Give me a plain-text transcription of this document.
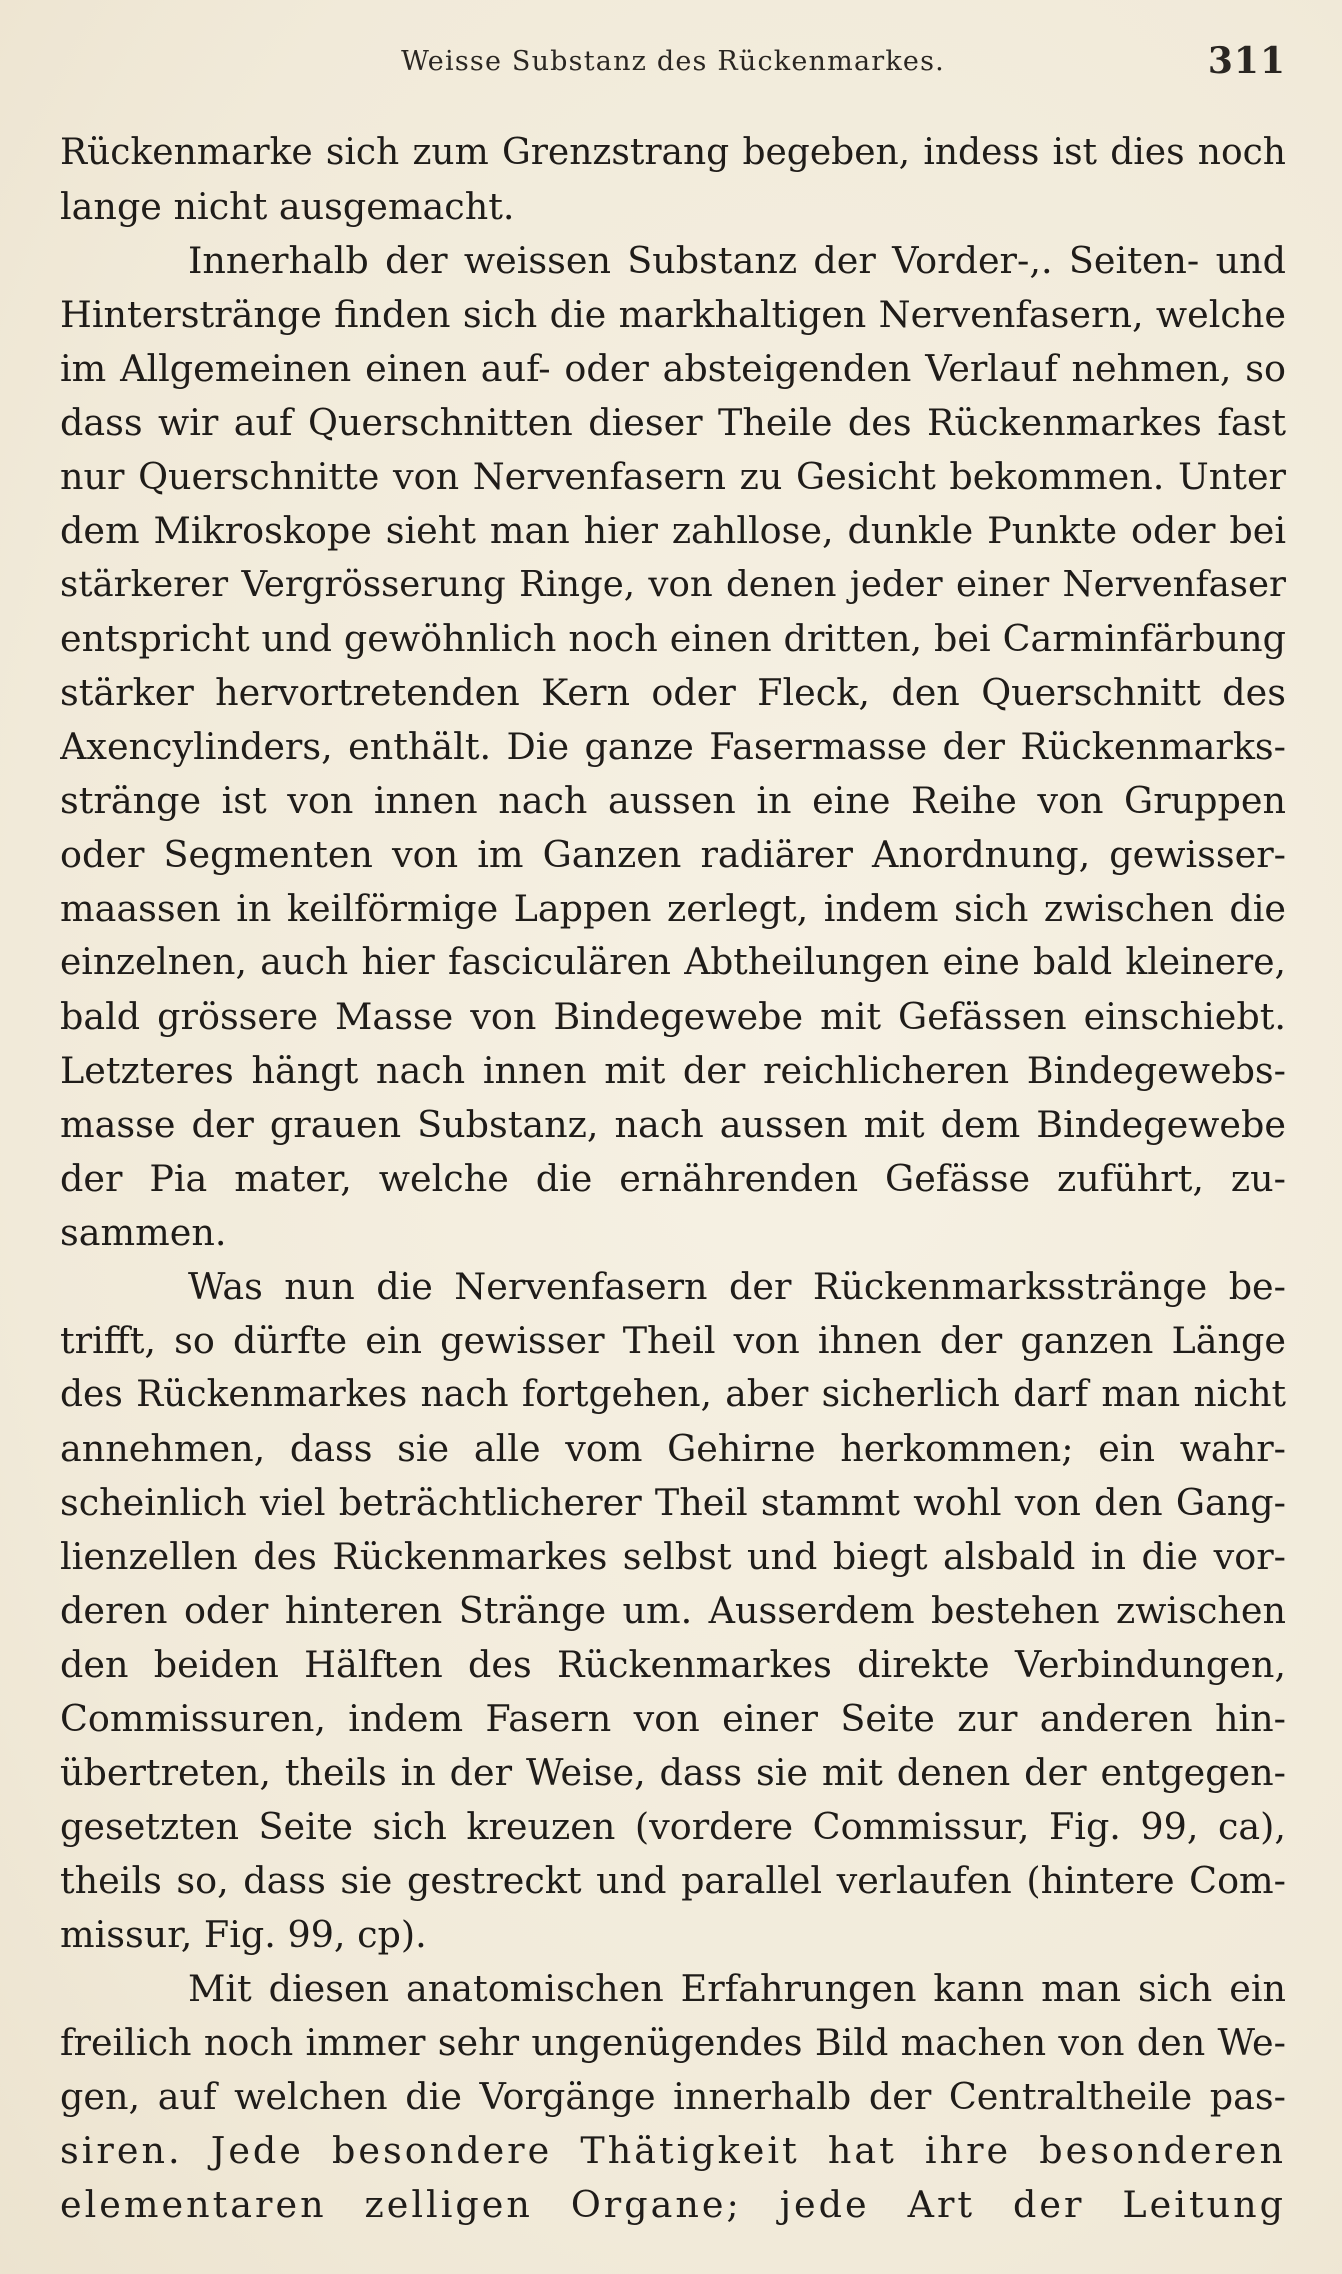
Weisse Substanz des Rückenmarkes.	311
Rückenmarke sich zum Grenzstrang begeben, indess ist dies noch
lange nicht ausgemacht.
Innerhalb der weissen Substanz der Vorder-,. Seiten- und
Hinterstränge finden sich die markhaltigen Nervenfasern, welche
im Allgemeinen einen auf- oder absteigenden Verlauf nehmen, so
dass wir auf Querschnitten dieser Theile des Rückenmarkes fast
nur Querschnitte von Nervenfasern zu Gesicht bekommen. Unter
dem Mikroskope sieht man hier zahllose, dunkle Punkte oder bei
stärkerer Vergrösserung Ringe, von denen jeder einer Nervenfaser
entspricht und gewöhnlich noch einen dritten, bei Carminfärbung
stärker hervortretenden Kern oder Fleck, den Querschnitt des
Axencylinders, enthält. Die ganze Fasermasse der Rückenmarks-
stränge ist von innen nach aussen in eine Reihe von Gruppen
oder Segmenten von im Ganzen radiärer Anordnung, gewisser-
maassen in keilförmige Lappen zerlegt, indem sich zwischen die
einzelnen, auch hier fasciculären Abtheilungen eine bald kleinere,
bald grössere Masse von Bindegewebe mit Gefässen einschiebt.
Letzteres hängt nach innen mit der reichlicheren Bindegewebs-
masse der grauen Substanz, nach aussen mit dem Bindegewebe
der Pia mater, welche die ernährenden Gefässe zuführt, zu-
sammen.
Was nun die Nervenfasern der Rückenmarksstränge be-
trifft, so dürfte ein gewisser Theil von ihnen der ganzen Länge
des Rückenmarkes nach fortgehen, aber sicherlich darf man nicht
annehmen, dass sie alle vom Gehirne herkommen; ein wahr-
scheinlich viel beträchtlicherer Theil stammt wohl von den Gang-
lienzellen des Rückenmarkes selbst und biegt alsbald in die vor-
deren oder hinteren Stränge um. Ausserdem bestehen zwischen
den beiden Hälften des Rückenmarkes direkte Verbindungen,
Commissuren, indem Fasern von einer Seite zur anderen hin-
übertreten, theils in der Weise, dass sie mit denen der entgegen-
gesetzten Seite sich kreuzen (vordere Commissur, Fig. 99, ca),
theils so, dass sie gestreckt und parallel verlaufen (hintere Com-
missur, Fig. 99, cp).
Mit diesen anatomischen Erfahrungen kann man sich ein
freilich noch immer sehr ungenügendes Bild machen von den We-
gen, auf welchen die Vorgänge innerhalb der Centraltheile pas-
siren. Jede besondere Thätigkeit hat ihre besonderen
elementaren zelligen Organe; jede Art der Leitung
